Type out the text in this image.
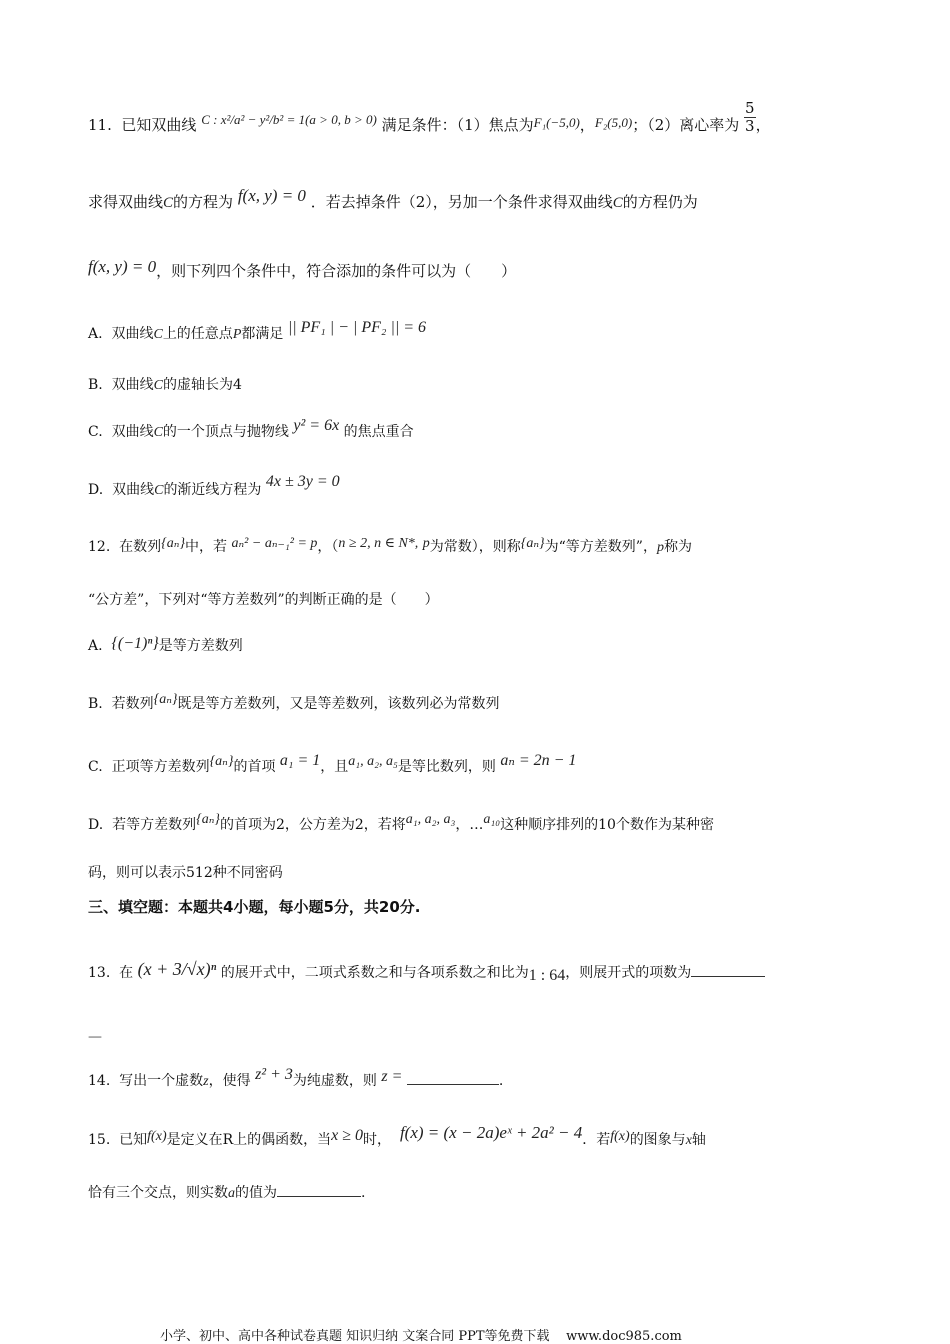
11. 已知双曲线 C : x²/a² − y²/b² = 1(a > 0, b > 0) 满足条件：（1）焦点为F₁(−5,0)，F₂(5,0)；（2）离心率为 $\frac{5}{3}$ ，
求得双曲线C的方程为 f(x, y) = 0 ．若去掉条件（2），另加一个条件求得双曲线C的方程仍为
f(x, y) = 0，则下列四个条件中，符合添加的条件可以为（　　）
A. 双曲线C上的任意点P都满足 || PF₁ | − | PF₂ || = 6
B. 双曲线C的虚轴长为4
C. 双曲线C的一个顶点与抛物线 y² = 6x 的焦点重合
D. 双曲线C的渐近线方程为 4x ± 3y = 0
12. 在数列{aₙ}中，若 aₙ² − aₙ₋₁² = p，（n ≥ 2, n ∈ N*, p为常数），则称{aₙ}为“等方差数列”，p称为
“公方差”，下列对“等方差数列”的判断正确的是（　　）
A. {(−1)ⁿ}是等方差数列
B. 若数列{aₙ}既是等方差数列，又是等差数列，该数列必为常数列
C. 正项等方差数列{aₙ}的首项 a₁ = 1，且a₁, a₂, a₅是等比数列，则 aₙ = 2n − 1
D. 若等方差数列{aₙ}的首项为2，公方差为2，若将a₁, a₂, a₃，…a₁₀这种顺序排列的10个数作为某种密
码，则可以表示512种不同密码
三、填空题：本题共4小题，每小题5分，共20分.
13. 在 (x + 3/√x)ⁿ 的展开式中，二项式系数之和与各项系数之和比为1 : 64，则展开式的项数为
—
14. 写出一个虚数z，使得 z² + 3为纯虚数，则 z =	.
15. 已知f(x)是定义在R上的偶函数，当x ≥ 0时， f(x) = (x − 2a)eˣ + 2a² − 4．若f(x)的图象与x轴
恰有三个交点，则实数a的值为	.
小学、初中、高中各种试卷真题 知识归纳 文案合同 PPT等免费下载 www.doc985.com
